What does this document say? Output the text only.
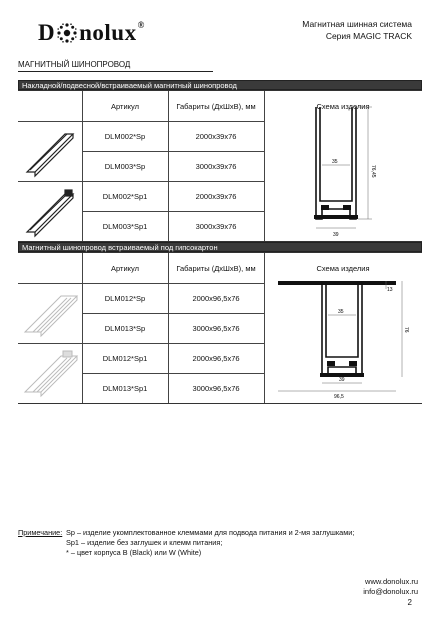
D nolux®	Магнитная шинная система
Серия MAGIC TRACK
МАГНИТНЫЙ ШИНОПРОВОД
Накладной/подвесной/встраиваемый магнитный шинопровод
Артикул	Габариты (ДхШхВ), мм	Схема изделия
DLM002*Sp	2000х39х76
DLM003*Sp	3000х39х76
DLM002*Sp1	2000х39х76
DLM003*Sp1	3000х39х76
35
39
76,45
Магнитный шинопровод встраиваемый под гипсокартон
Артикул	Габариты (ДхШхВ), мм	Схема изделия
DLM012*Sp	2000х96,5х76
DLM013*Sp	3000х96,5х76
DLM012*Sp1	2000х96,5х76
DLM013*Sp1	3000х96,5х76
13
35
39
96,5
76
Примечание: Sp – изделие укомплектованное клеммами для подвода питания и 2-мя заглушками;
Sp1 – изделие без заглушек и клемм питания;
* – цвет корпуса B (Black) или W (White)
www.donolux.ru
info@donolux.ru
2
